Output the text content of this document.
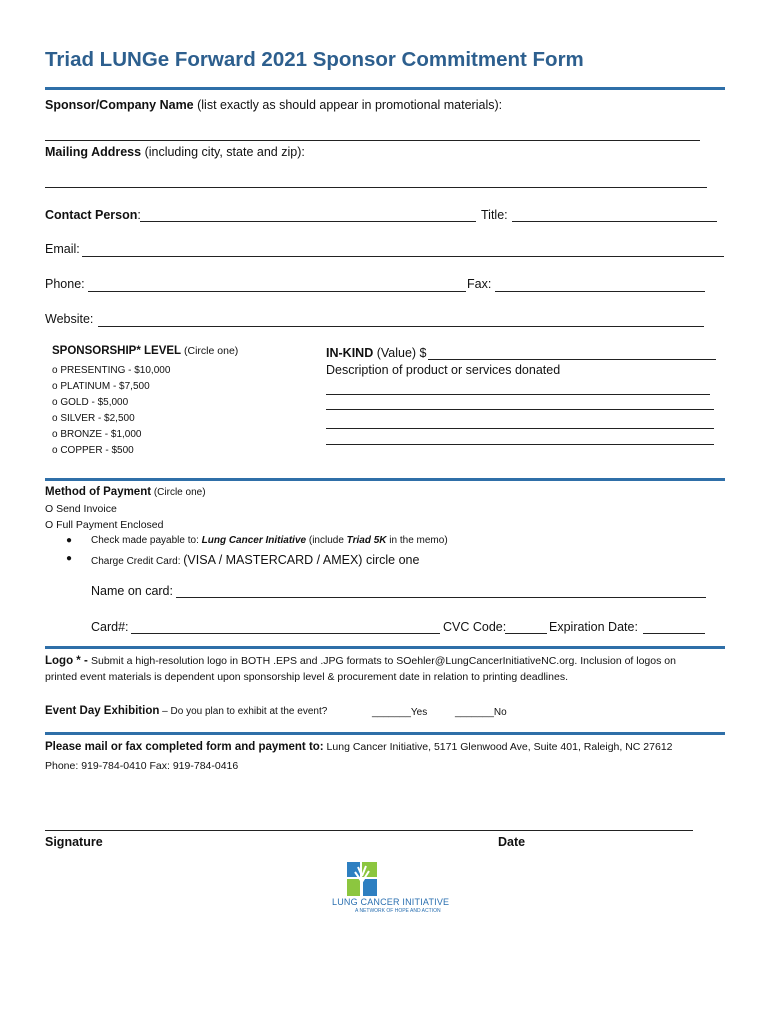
Triad LUNGe Forward 2021 Sponsor Commitment Form
Sponsor/Company Name (list exactly as should appear in promotional materials):
Mailing Address (including city, state and zip):
Contact Person:	Title:
Email:
Phone:	Fax:
Website:
SPONSORSHIP* LEVEL (Circle one)
o PRESENTING - $10,000
o PLATINUM - $7,500
o GOLD - $5,000
o SILVER - $2,500
o BRONZE - $1,000
o COPPER - $500
IN-KIND (Value) $
Description of product or services donated
Method of Payment (Circle one)
O Send Invoice
O Full Payment Enclosed
● Check made payable to: Lung Cancer Initiative (include Triad 5K in the memo)
● Charge Credit Card: (VISA / MASTERCARD / AMEX) circle one
Name on card:
Card#:	CVC Code:	Expiration Date:
Logo * - Submit a high-resolution logo in BOTH .EPS and .JPG formats to SOehler@LungCancerInitiativeNC.org. Inclusion of logos on
printed event materials is dependent upon sponsorship level & procurement date in relation to printing deadlines.
Event Day Exhibition – Do you plan to exhibit at the event?	_______Yes	_______No
Please mail or fax completed form and payment to: Lung Cancer Initiative, 5171 Glenwood Ave, Suite 401, Raleigh, NC 27612
Phone: 919-784-0410 Fax: 919-784-0416
Signature	Date
LUNG CANCER INITIATIVE
A NETWORK OF HOPE AND ACTION
